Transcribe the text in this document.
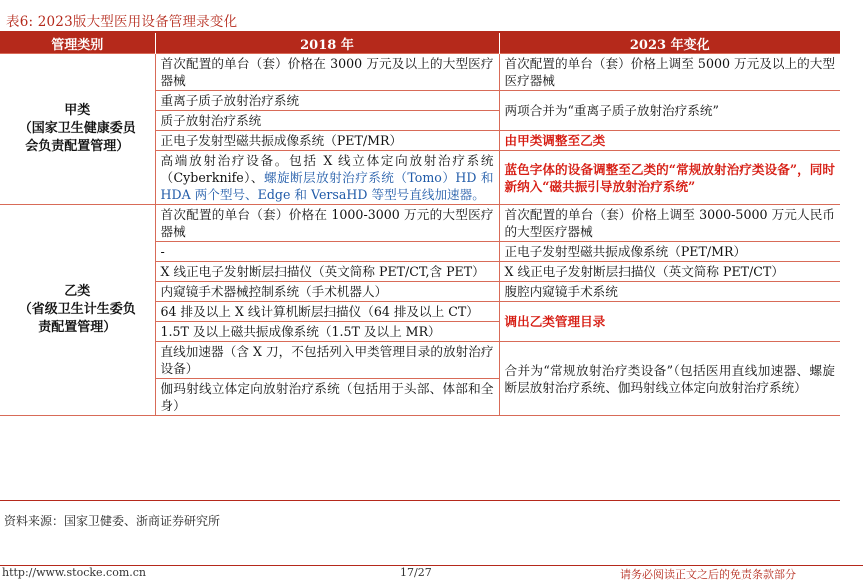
表6: 2023版大型医用设备管理录变化
管理类别	2018 年	2023 年变化

甲类
（国家卫生健康委员
会负责配置管理）	首次配置的单台（套）价格在 3000 万元及以上的大型医疗器械	首次配置的单台（套）价格上调至 5000 万元及以上的大型医疗器械
	重离子质子放射治疗系统	两项合并为“重离子质子放射治疗系统”
	质子放射治疗系统	
	正电子发射型磁共振成像系统（PET/MR）	由甲类调整至乙类
	高端放射治疗设备。包括 X 线立体定向放射治疗系统（Cyberknife）、螺旋断层放射治疗系统（Tomo）HD 和 HDA 两个型号、Edge 和 VersaHD 等型号直线加速器。	蓝色字体的设备调整至乙类的“常规放射治疗类设备”，同时新纳入“磁共振引导放射治疗系统”

乙类
（省级卫生计生委负
责配置管理）	首次配置的单台（套）价格在 1000-3000 万元的大型医疗器械	首次配置的单台（套）价格上调至 3000-5000 万元人民币的大型医疗器械
	-	正电子发射型磁共振成像系统（PET/MR）
	X 线正电子发射断层扫描仪（英文简称 PET/CT,含 PET）	X 线正电子发射断层扫描仪（英文简称 PET/CT）
	内窥镜手术器械控制系统（手术机器人）	腹腔内窥镜手术系统
	64 排及以上 X 线计算机断层扫描仪（64 排及以上 CT）	调出乙类管理目录
	1.5T 及以上磁共振成像系统（1.5T 及以上 MR）	
	直线加速器（含 X 刀，不包括列入甲类管理目录的放射治疗设备）	合并为“常规放射治疗类设备”（包括医用直线加速器、螺旋断层放射治疗系统、伽玛射线立体定向放射治疗系统）
	伽玛射线立体定向放射治疗系统（包括用于头部、体部和全身）	
资料来源：国家卫健委、浙商证券研究所
http://www.stocke.com.cn	17/27	请务必阅读正文之后的免责条款部分
